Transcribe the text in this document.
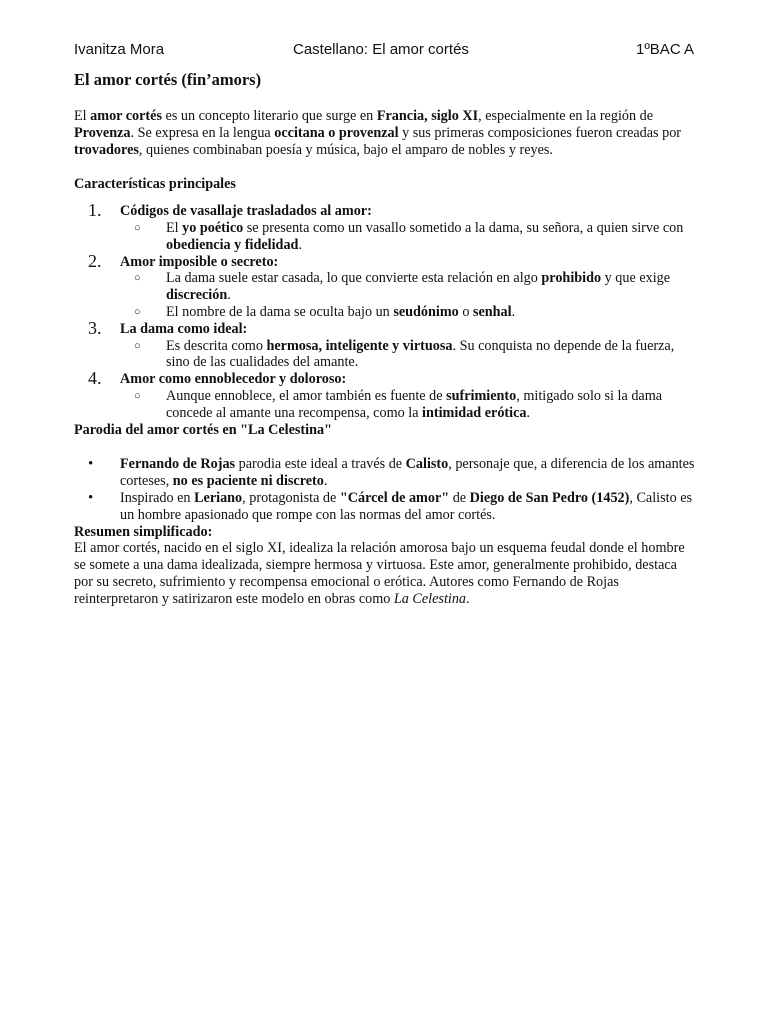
Ivanitza Mora	Castellano: El amor cortés	1ºBAC A
El amor cortés (fin’amors)

El amor cortés es un concepto literario que surge en Francia, siglo XI, especialmente en la región de Provenza. Se expresa en la lengua occitana o provenzal y sus primeras composiciones fueron creadas por trovadores, quienes combinaban poesía y música, bajo el amparo de nobles y reyes.

Características principales

1. Códigos de vasallaje trasladados al amor:
○ El yo poético se presenta como un vasallo sometido a la dama, su señora, a quien sirve con obediencia y fidelidad.
2. Amor imposible o secreto:
○ La dama suele estar casada, lo que convierte esta relación en algo prohibido y que exige discreción.
○ El nombre de la dama se oculta bajo un seudónimo o senhal.
3. La dama como ideal:
○ Es descrita como hermosa, inteligente y virtuosa. Su conquista no depende de la fuerza, sino de las cualidades del amante.
4. Amor como ennoblecedor y doloroso:
○ Aunque ennoblece, el amor también es fuente de sufrimiento, mitigado solo si la dama concede al amante una recompensa, como la intimidad erótica.

Parodia del amor cortés en "La Celestina"

• Fernando de Rojas parodia este ideal a través de Calisto, personaje que, a diferencia de los amantes corteses, no es paciente ni discreto.
• Inspirado en Leriano, protagonista de "Cárcel de amor" de Diego de San Pedro (1452), Calisto es un hombre apasionado que rompe con las normas del amor cortés.

Resumen simplificado:

El amor cortés, nacido en el siglo XI, idealiza la relación amorosa bajo un esquema feudal donde el hombre se somete a una dama idealizada, siempre hermosa y virtuosa. Este amor, generalmente prohibido, destaca por su secreto, sufrimiento y recompensa emocional o erótica. Autores como Fernando de Rojas reinterpretaron y satirizaron este modelo en obras como La Celestina.
